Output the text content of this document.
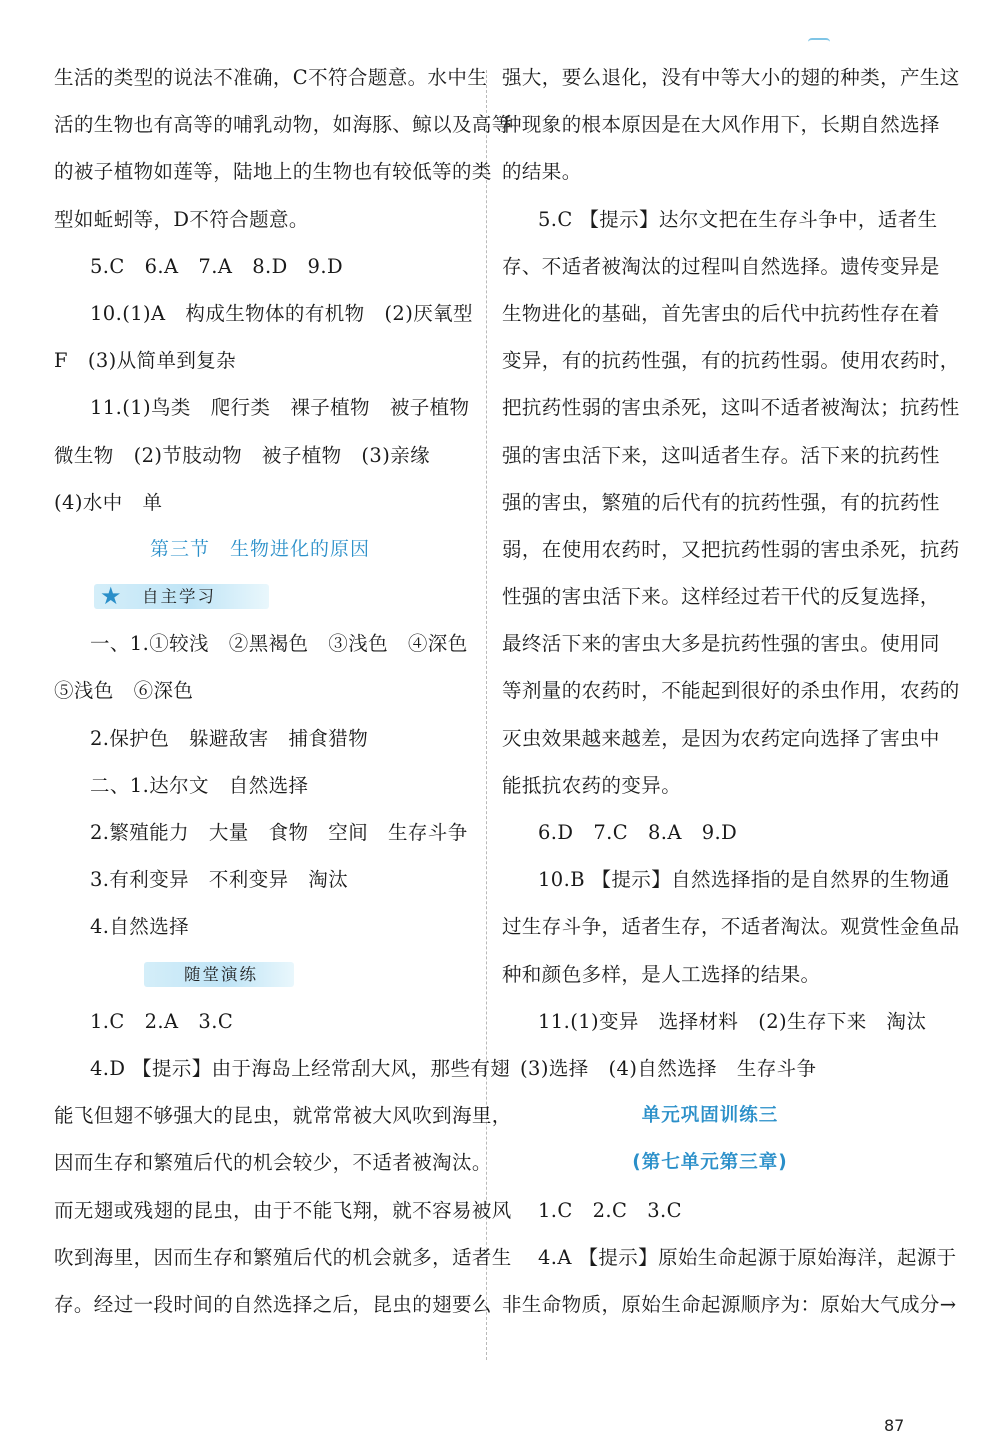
生活的类型的说法不准确，C不符合题意。水中生
活的生物也有高等的哺乳动物，如海豚、鲸以及高等
的被子植物如莲等，陆地上的生物也有较低等的类
型如蚯蚓等，D不符合题意。
5.C　6.A　7.A　8.D　9.D
10.(1)A　构成生物体的有机物　(2)厌氧型
F　(3)从简单到复杂
11.(1)鸟类　爬行类　裸子植物　被子植物
微生物　(2)节肢动物　被子植物　(3)亲缘
(4)水中　单
第三节　生物进化的原因
★ 自主学习
一、1.①较浅　②黑褐色　③浅色　④深色
⑤浅色　⑥深色
2.保护色　躲避敌害　捕食猎物
二、1.达尔文　自然选择
2.繁殖能力　大量　食物　空间　生存斗争
3.有利变异　不利变异　淘汰
4.自然选择
随堂演练
1.C　2.A　3.C
4.D 【提示】由于海岛上经常刮大风，那些有翅
能飞但翅不够强大的昆虫，就常常被大风吹到海里，
因而生存和繁殖后代的机会较少，不适者被淘汰。
而无翅或残翅的昆虫，由于不能飞翔，就不容易被风
吹到海里，因而生存和繁殖后代的机会就多，适者生
存。经过一段时间的自然选择之后，昆虫的翅要么
强大，要么退化，没有中等大小的翅的种类，产生这
种现象的根本原因是在大风作用下，长期自然选择
的结果。
5.C 【提示】达尔文把在生存斗争中，适者生
存、不适者被淘汰的过程叫自然选择。遗传变异是
生物进化的基础，首先害虫的后代中抗药性存在着
变异，有的抗药性强，有的抗药性弱。使用农药时，
把抗药性弱的害虫杀死，这叫不适者被淘汰；抗药性
强的害虫活下来，这叫适者生存。活下来的抗药性
强的害虫，繁殖的后代有的抗药性强，有的抗药性
弱，在使用农药时，又把抗药性弱的害虫杀死，抗药
性强的害虫活下来。这样经过若干代的反复选择，
最终活下来的害虫大多是抗药性强的害虫。使用同
等剂量的农药时，不能起到很好的杀虫作用，农药的
灭虫效果越来越差，是因为农药定向选择了害虫中
能抵抗农药的变异。
6.D　7.C　8.A　9.D
10.B 【提示】自然选择指的是自然界的生物通
过生存斗争，适者生存，不适者淘汰。观赏性金鱼品
种和颜色多样，是人工选择的结果。
11.(1)变异　选择材料　(2)生存下来　淘汰
(3)选择　(4)自然选择　生存斗争
单元巩固训练三
(第七单元第三章)
1.C　2.C　3.C
4.A 【提示】原始生命起源于原始海洋，起源于
非生命物质，原始生命起源顺序为：原始大气成分→
87
